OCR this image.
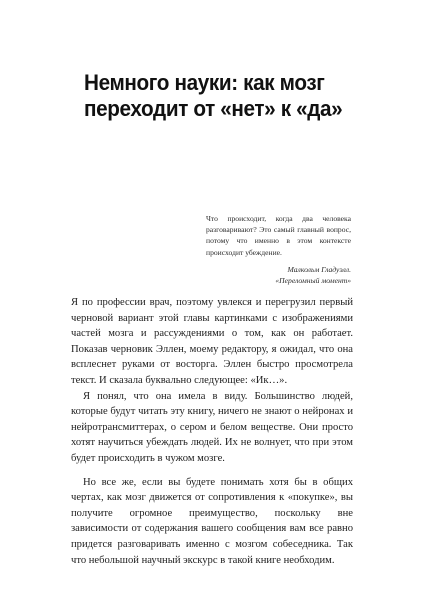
Немного науки: как мозг
переходит от «нет» к «да»
Что происходит, когда два человека разговаривают? Это самый главный вопрос, потому что именно в этом контексте происходит убеждение.
Малкольм Гладуэлл.
«Переломный момент»

Я по профессии врач, поэтому увлекся и перегрузил первый черновой вариант этой главы картинками с изображениями частей мозга и рассуждениями о том, как он работает. Показав черновик Эллен, моему редактору, я ожидал, что она всплеснет руками от восторга. Эллен быстро просмотрела текст. И сказала буквально следующее: «Ик…».

Я понял, что она имела в виду. Большинство людей, которые будут читать эту книгу, ничего не знают о нейронах и нейротрансмиттерах, о сером и белом веществе. Они просто хотят научиться убеждать людей. Их не волнует, что при этом будет происходить в чужом мозге.

Но все же, если вы будете понимать хотя бы в общих чертах, как мозг движется от сопротивления к «покупке», вы получите огромное преимущество, поскольку вне зависимости от содержания вашего сообщения вам все равно придется разговаривать именно с мозгом собеседника. Так что небольшой научный экскурс в такой книге необходим.
